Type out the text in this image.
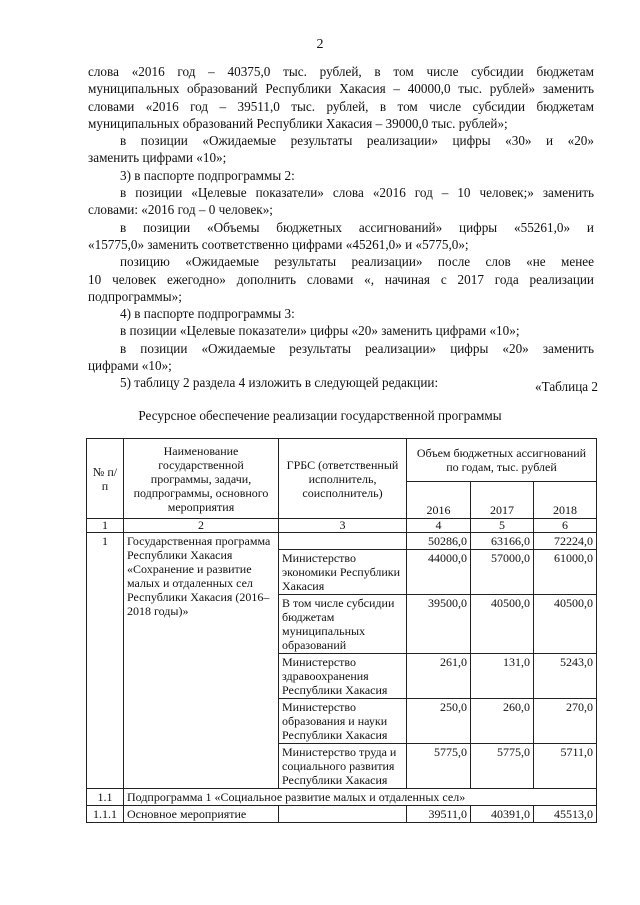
2
слова «2016 год – 40375,0 тыс. рублей, в том числе субсидии бюджетам
муниципальных образований Республики Хакасия – 40000,0 тыс. рублей» заменить
словами «2016 год – 39511,0 тыс. рублей, в том числе субсидии бюджетам
муниципальных образований Республики Хакасия – 39000,0 тыс. рублей»;
в позиции «Ожидаемые результаты реализации» цифры «30» и «20»
заменить цифрами «10»;
3) в паспорте подпрограммы 2:
в позиции «Целевые показатели» слова «2016 год – 10 человек;» заменить
словами: «2016 год – 0 человек»;
в позиции «Объемы бюджетных ассигнований» цифры «55261,0» и
«15775,0» заменить соответственно цифрами «45261,0» и «5775,0»;
позицию «Ожидаемые результаты реализации» после слов «не менее
10 человек ежегодно» дополнить словами «, начиная с 2017 года реализации
подпрограммы»;
4) в паспорте подпрограммы 3:
в позиции «Целевые показатели» цифры «20» заменить цифрами «10»;
в позиции «Ожидаемые результаты реализации» цифры «20» заменить
цифрами «10»;
5) таблицу 2 раздела 4 изложить в следующей редакции:	«Таблица 2
Ресурсное обеспечение реализации государственной программы
№ п/п	Наименование государственной программы, задачи, подпрограммы, основного мероприятия	ГРБС (ответственный исполнитель, соисполнитель)	Объем бюджетных ассигнований по годам, тыс. рублей		
			2016	2017	2018
1	2	3	4	5	6
1	Государственная программа Республики Хакасия «Сохранение и развитие малых и отдаленных сел Республики Хакасия (2016–2018 годы)»		50286,0	63166,0	72224,0
		Министерство экономики Республики Хакасия	44000,0	57000,0	61000,0
		В том числе субсидии бюджетам муниципальных образований	39500,0	40500,0	40500,0
		Министерство здравоохранения Республики Хакасия	261,0	131,0	5243,0
		Министерство образования и науки Республики Хакасия	250,0	260,0	270,0
		Министерство труда и социального развития Республики Хакасия	5775,0	5775,0	5711,0
1.1	Подпрограмма 1 «Социальное развитие малых и отдаленных сел»				
1.1.1	Основное мероприятие		39511,0	40391,0	45513,0
